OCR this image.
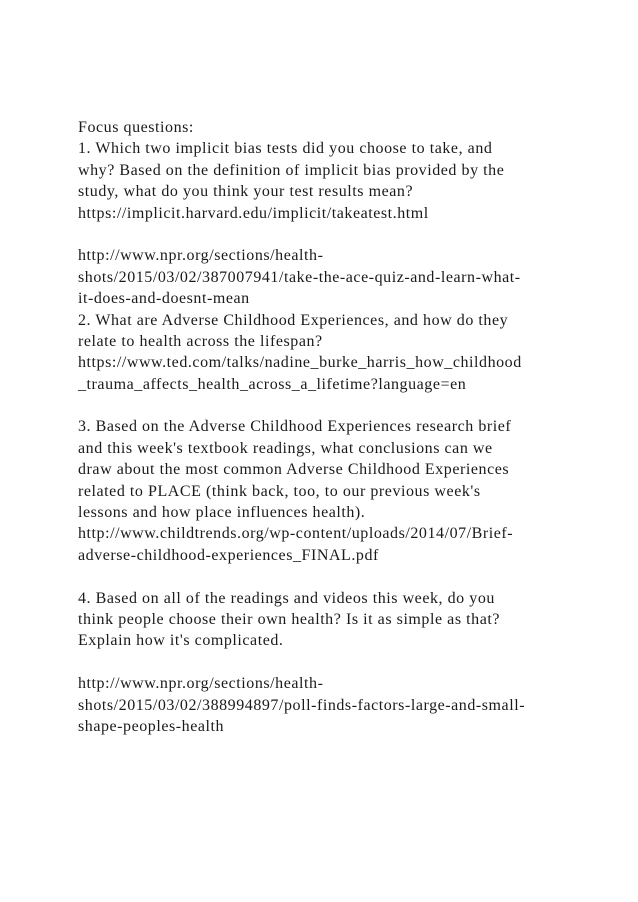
Focus questions:
1. Which two implicit bias tests did you choose to take, and
why? Based on the definition of implicit bias provided by the
study, what do you think your test results mean?
https://implicit.harvard.edu/implicit/takeatest.html
http://www.npr.org/sections/health-
shots/2015/03/02/387007941/take-the-ace-quiz-and-learn-what-
it-does-and-doesnt-mean
2. What are Adverse Childhood Experiences, and how do they
relate to health across the lifespan?
https://www.ted.com/talks/nadine_burke_harris_how_childhood
_trauma_affects_health_across_a_lifetime?language=en
3. Based on the Adverse Childhood Experiences research brief
and this week's textbook readings, what conclusions can we
draw about the most common Adverse Childhood Experiences
related to PLACE (think back, too, to our previous week's
lessons and how place influences health).
http://www.childtrends.org/wp-content/uploads/2014/07/Brief-
adverse-childhood-experiences_FINAL.pdf
4. Based on all of the readings and videos this week, do you
think people choose their own health? Is it as simple as that?
Explain how it's complicated.
http://www.npr.org/sections/health-
shots/2015/03/02/388994897/poll-finds-factors-large-and-small-
shape-peoples-health
